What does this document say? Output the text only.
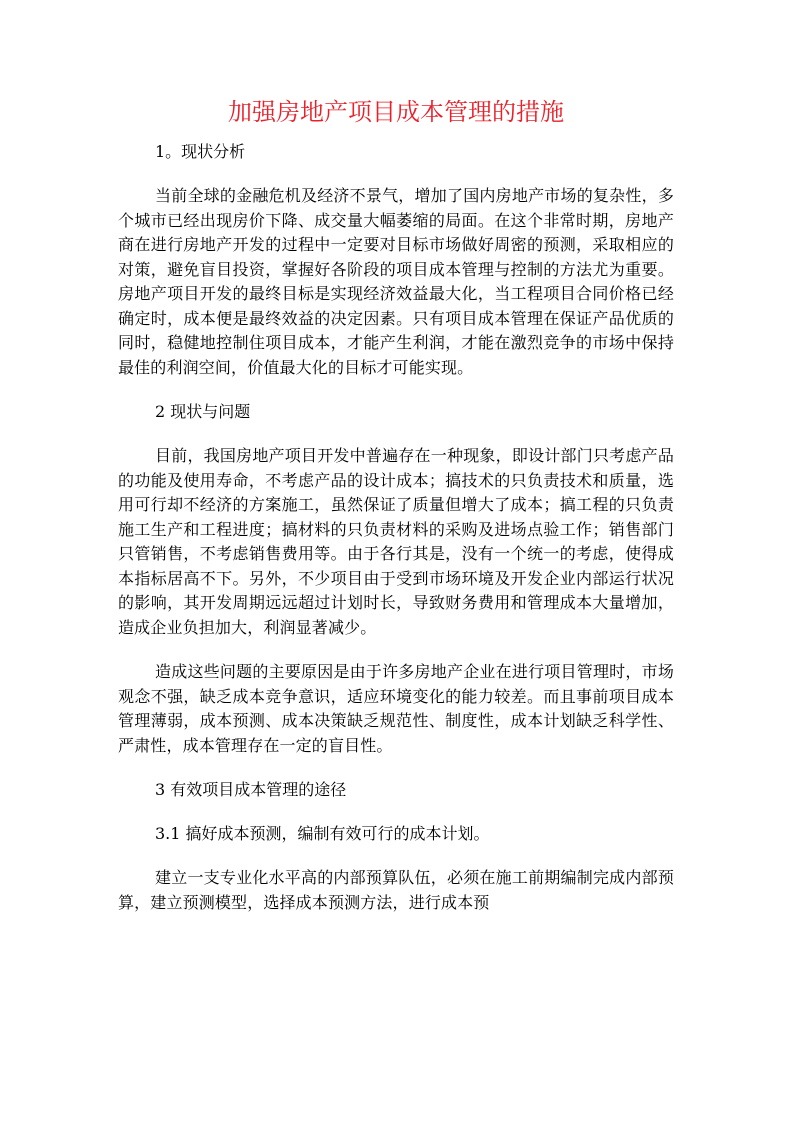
加强房地产项目成本管理的措施

1。现状分析

当前全球的金融危机及经济不景气，增加了国内房地产市场的复杂性，多个城市已经出现房价下降、成交量大幅萎缩的局面。在这个非常时期，房地产商在进行房地产开发的过程中一定要对目标市场做好周密的预测，采取相应的对策，避免盲目投资，掌握好各阶段的项目成本管理与控制的方法尤为重要。房地产项目开发的最终目标是实现经济效益最大化，当工程项目合同价格已经确定时，成本便是最终效益的决定因素。只有项目成本管理在保证产品优质的同时，稳健地控制住项目成本，才能产生利润，才能在激烈竞争的市场中保持最佳的利润空间，价值最大化的目标才可能实现。

2 现状与问题

目前，我国房地产项目开发中普遍存在一种现象，即设计部门只考虑产品的功能及使用寿命，不考虑产品的设计成本；搞技术的只负责技术和质量，选用可行却不经济的方案施工，虽然保证了质量但增大了成本；搞工程的只负责施工生产和工程进度；搞材料的只负责材料的采购及进场点验工作；销售部门只管销售，不考虑销售费用等。由于各行其是，没有一个统一的考虑，使得成本指标居高不下。另外，不少项目由于受到市场环境及开发企业内部运行状况的影响，其开发周期远远超过计划时长，导致财务费用和管理成本大量增加，造成企业负担加大，利润显著减少。

造成这些问题的主要原因是由于许多房地产企业在进行项目管理时，市场观念不强，缺乏成本竞争意识，适应环境变化的能力较差。而且事前项目成本管理薄弱，成本预测、成本决策缺乏规范性、制度性，成本计划缺乏科学性、严肃性，成本管理存在一定的盲目性。

3 有效项目成本管理的途径

3.1 搞好成本预测，编制有效可行的成本计划。

建立一支专业化水平高的内部预算队伍，必须在施工前期编制完成内部预算，建立预测模型，选择成本预测方法，进行成本预
